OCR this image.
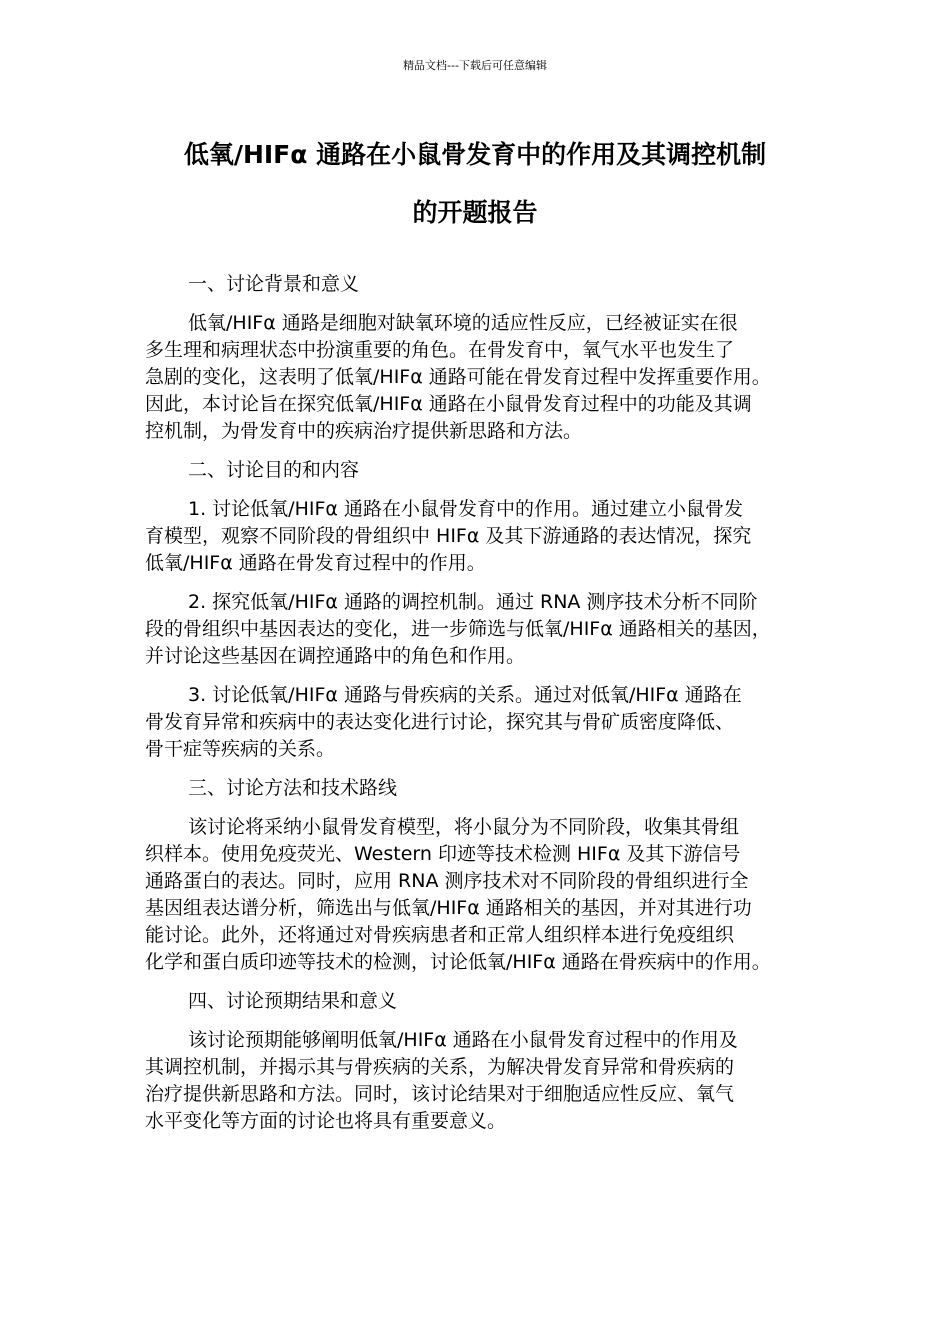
精品文档---下载后可任意编辑
低氧/HIFα 通路在小鼠骨发育中的作用及其调控机制
的开题报告
一、讨论背景和意义
低氧/HIFα 通路是细胞对缺氧环境的适应性反应，已经被证实在很
多生理和病理状态中扮演重要的角色。在骨发育中，氧气水平也发生了
急剧的变化，这表明了低氧/HIFα 通路可能在骨发育过程中发挥重要作用。
因此，本讨论旨在探究低氧/HIFα 通路在小鼠骨发育过程中的功能及其调
控机制，为骨发育中的疾病治疗提供新思路和方法。
二、讨论目的和内容
1. 讨论低氧/HIFα 通路在小鼠骨发育中的作用。通过建立小鼠骨发
育模型，观察不同阶段的骨组织中 HIFα 及其下游通路的表达情况，探究
低氧/HIFα 通路在骨发育过程中的作用。
2. 探究低氧/HIFα 通路的调控机制。通过 RNA 测序技术分析不同阶
段的骨组织中基因表达的变化，进一步筛选与低氧/HIFα 通路相关的基因，
并讨论这些基因在调控通路中的角色和作用。
3. 讨论低氧/HIFα 通路与骨疾病的关系。通过对低氧/HIFα 通路在
骨发育异常和疾病中的表达变化进行讨论，探究其与骨矿质密度降低、
骨干症等疾病的关系。
三、讨论方法和技术路线
该讨论将采纳小鼠骨发育模型，将小鼠分为不同阶段，收集其骨组
织样本。使用免疫荧光、Western 印迹等技术检测 HIFα 及其下游信号
通路蛋白的表达。同时，应用 RNA 测序技术对不同阶段的骨组织进行全
基因组表达谱分析，筛选出与低氧/HIFα 通路相关的基因，并对其进行功
能讨论。此外，还将通过对骨疾病患者和正常人组织样本进行免疫组织
化学和蛋白质印迹等技术的检测，讨论低氧/HIFα 通路在骨疾病中的作用。
四、讨论预期结果和意义
该讨论预期能够阐明低氧/HIFα 通路在小鼠骨发育过程中的作用及
其调控机制，并揭示其与骨疾病的关系，为解决骨发育异常和骨疾病的
治疗提供新思路和方法。同时，该讨论结果对于细胞适应性反应、氧气
水平变化等方面的讨论也将具有重要意义。
